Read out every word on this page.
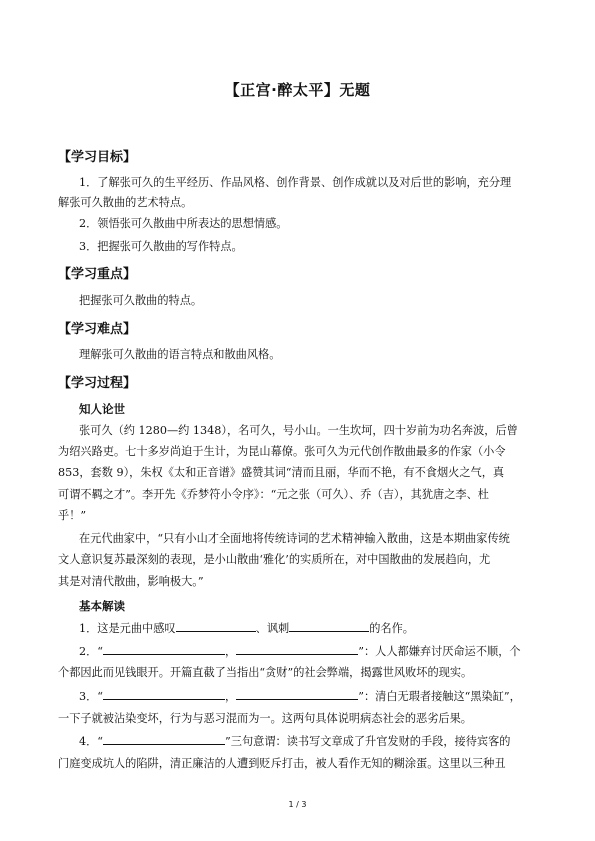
【正宫·醉太平】无题
【学习目标】
1．了解张可久的生平经历、作品风格、创作背景、创作成就以及对后世的影响，充分理
解张可久散曲的艺术特点。
2．领悟张可久散曲中所表达的思想情感。
3．把握张可久散曲的写作特点。
【学习重点】
把握张可久散曲的特点。
【学习难点】
理解张可久散曲的语言特点和散曲风格。
【学习过程】
知人论世
张可久（约 1280—约 1348），名可久，号小山。一生坎坷，四十岁前为功名奔波，后曾
为绍兴路吏。七十多岁尚迫于生计，为昆山幕僚。张可久为元代创作散曲最多的作家（小令
853，套数 9），朱权《太和正音谱》盛赞其词“清而且丽，华而不艳，有不食烟火之气，真
可谓不羁之才”。李开先《乔梦符小令序》：“元之张（可久）、乔（吉），其犹唐之李、杜
乎！”
在元代曲家中，“只有小山才全面地将传统诗词的艺术精神输入散曲，这是本期曲家传统
文人意识复苏最深刻的表现，是小山散曲‘雅化’的实质所在，对中国散曲的发展趋向，尤
其是对清代散曲，影响极大。”
基本解读
1．这是元曲中感叹	、讽刺	的名作。
2．“	，	”：人人都嫌弃讨厌命运不顺，个
个都因此而见钱眼开。开篇直截了当指出“贪财”的社会弊端，揭露世风败坏的现实。
3．“	，	”：清白无瑕者接触这“黑染缸”，
一下子就被沾染变坏，行为与恶习混而为一。这两句具体说明病态社会的恶劣后果。
4．“	”三句意谓：读书写文章成了升官发财的手段，接待宾客的
门庭变成坑人的陷阱，清正廉洁的人遭到贬斥打击，被人看作无知的糊涂蛋。这里以三种丑
1 / 3
